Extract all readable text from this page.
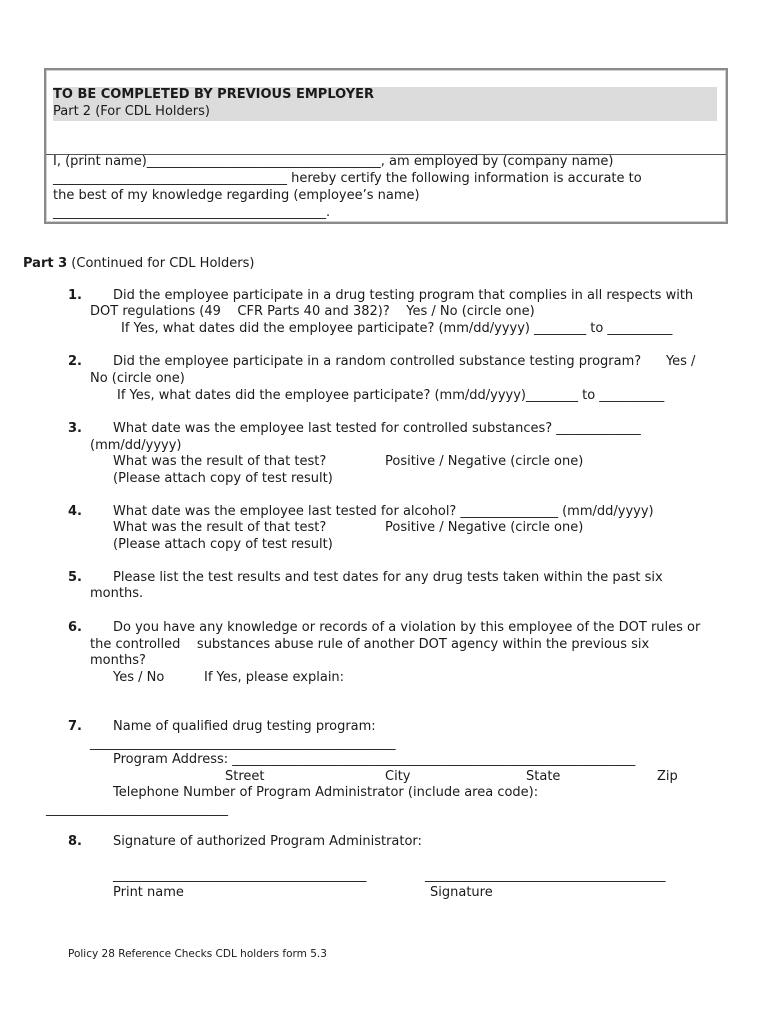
TO BE COMPLETED BY PREVIOUS EMPLOYER
Part 2 (For CDL Holders)
I, (print name)____________________________________, am employed by (company name)
____________________________________ hereby certify the following information is accurate to
the best of my knowledge regarding (employee’s name)
__________________________________________.
Part 3 (Continued for CDL Holders)
1. Did the employee participate in a drug testing program that complies in all respects with
DOT regulations (49    CFR Parts 40 and 382)?    Yes / No (circle one)
If Yes, what dates did the employee participate? (mm/dd/yyyy) ________ to __________
2. Did the employee participate in a random controlled substance testing program?      Yes /
No (circle one)
If Yes, what dates did the employee participate? (mm/dd/yyyy)________ to __________
3. What date was the employee last tested for controlled substances? _____________
(mm/dd/yyyy)
What was the result of that test?	Positive / Negative (circle one)
(Please attach copy of test result)
4. What date was the employee last tested for alcohol? _______________ (mm/dd/yyyy)
What was the result of that test?	Positive / Negative (circle one)
(Please attach copy of test result)
5. Please list the test results and test dates for any drug tests taken within the past six
months.
6. Do you have any knowledge or records of a violation by this employee of the DOT rules or
the controlled    substances abuse rule of another DOT agency within the previous six
months?
Yes / No	If Yes, please explain:
7. Name of qualified drug testing program:
_______________________________________________
Program Address: ______________________________________________________________
Street	City	State	Zip
Telephone Number of Program Administrator (include area code):
____________________________
8. Signature of authorized Program Administrator:
_______________________________________	_____________________________________
Print name	Signature
Policy 28 Reference Checks CDL holders form 5.3
